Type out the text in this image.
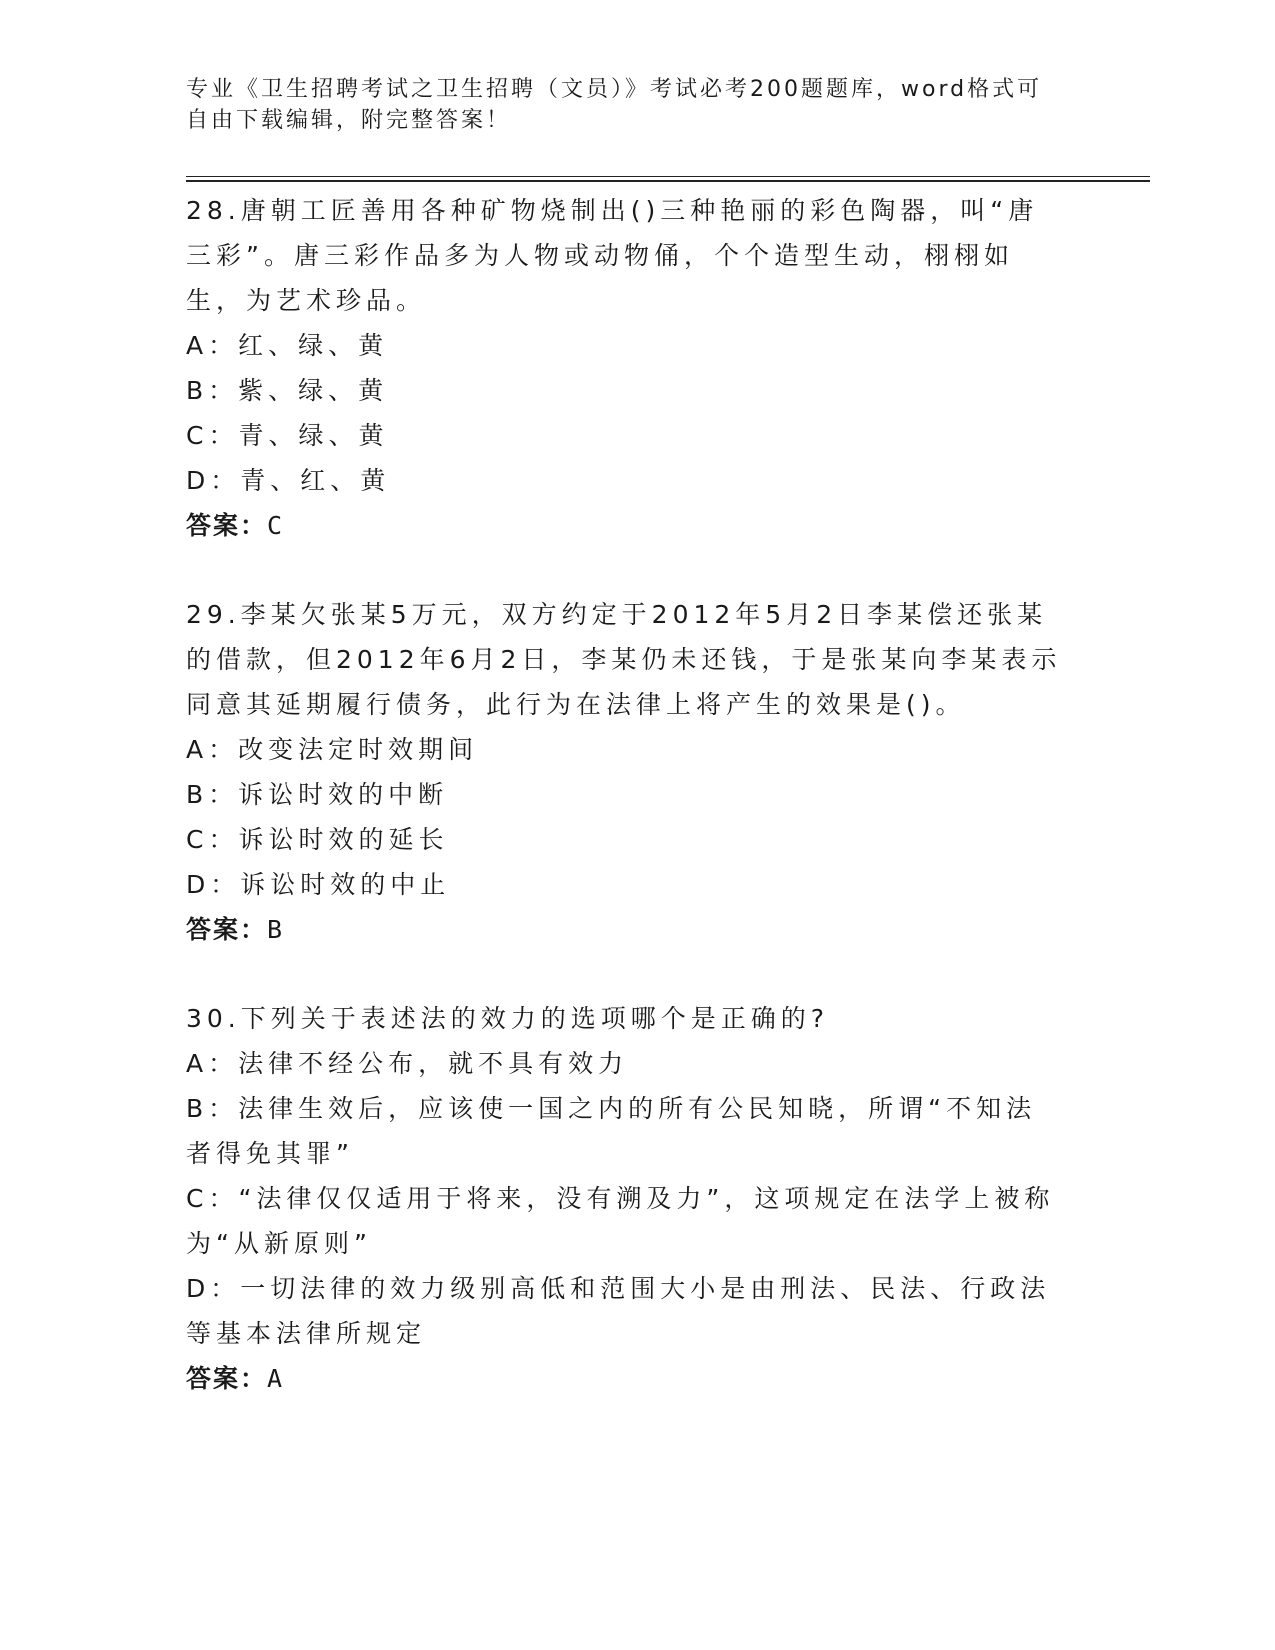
专业《卫生招聘考试之卫生招聘（文员）》考试必考200题题库，word格式可自由下载编辑，附完整答案！
28.唐朝工匠善用各种矿物烧制出()三种艳丽的彩色陶器，叫“唐三彩”。唐三彩作品多为人物或动物俑，个个造型生动，栩栩如生，为艺术珍品。
A：红、绿、黄
B：紫、绿、黄
C：青、绿、黄
D：青、红、黄
答案：C
29.李某欠张某5万元，双方约定于2012年5月2日李某偿还张某的借款，但2012年6月2日，李某仍未还钱，于是张某向李某表示同意其延期履行债务，此行为在法律上将产生的效果是()。
A：改变法定时效期间
B：诉讼时效的中断
C：诉讼时效的延长
D：诉讼时效的中止
答案：B
30.下列关于表述法的效力的选项哪个是正确的?
A：法律不经公布，就不具有效力
B：法律生效后，应该使一国之内的所有公民知晓，所谓“不知法者得免其罪”
C：“法律仅仅适用于将来，没有溯及力”，这项规定在法学上被称为“从新原则”
D：一切法律的效力级别高低和范围大小是由刑法、民法、行政法等基本法律所规定
答案：A
